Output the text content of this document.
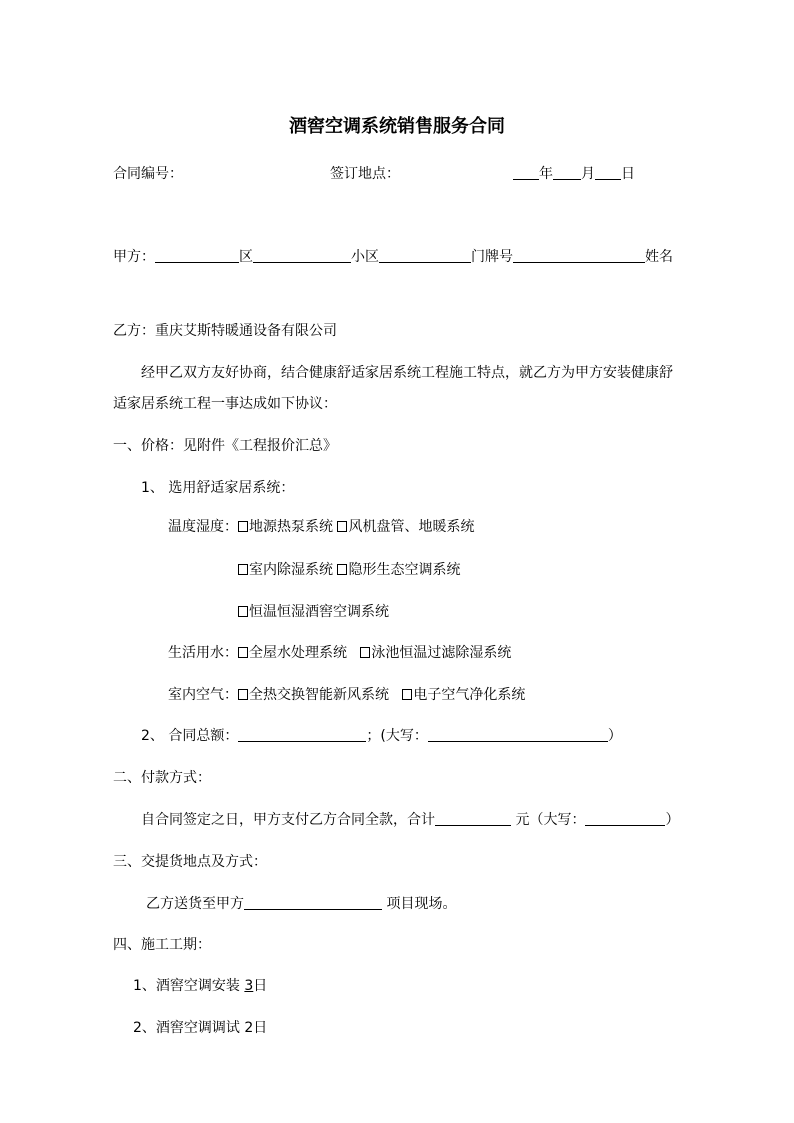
酒窖空调系统销售服务合同
合同编号：	签订地点：	年 月 日
甲方：	区	小区	门牌号	姓名
乙方：重庆艾斯特暖通设备有限公司
经甲乙双方友好协商，结合健康舒适家居系统工程施工特点，就乙方为甲方安装健康舒
适家居系统工程一事达成如下协议：
一、价格：见附件《工程报价汇总》
1、 选用舒适家居系统：
温度湿度： 地源热泵系统 风机盘管、地暖系统
室内除湿系统 隐形生态空调系统
恒温恒湿酒窖空调系统
生活用水： 全屋水处理系统 泳池恒温过滤除湿系统
室内空气： 全热交换智能新风系统 电子空气净化系统
2、 合同总额：	；(大写：	）
二、付款方式：
自合同签定之日，甲方支付乙方合同全款，合计	元（大写：	）
三、交提货地点及方式：
乙方送货至甲方	项目现场。
四、施工工期：
1、酒窖空调安装 3日
2、酒窖空调调试 2日
